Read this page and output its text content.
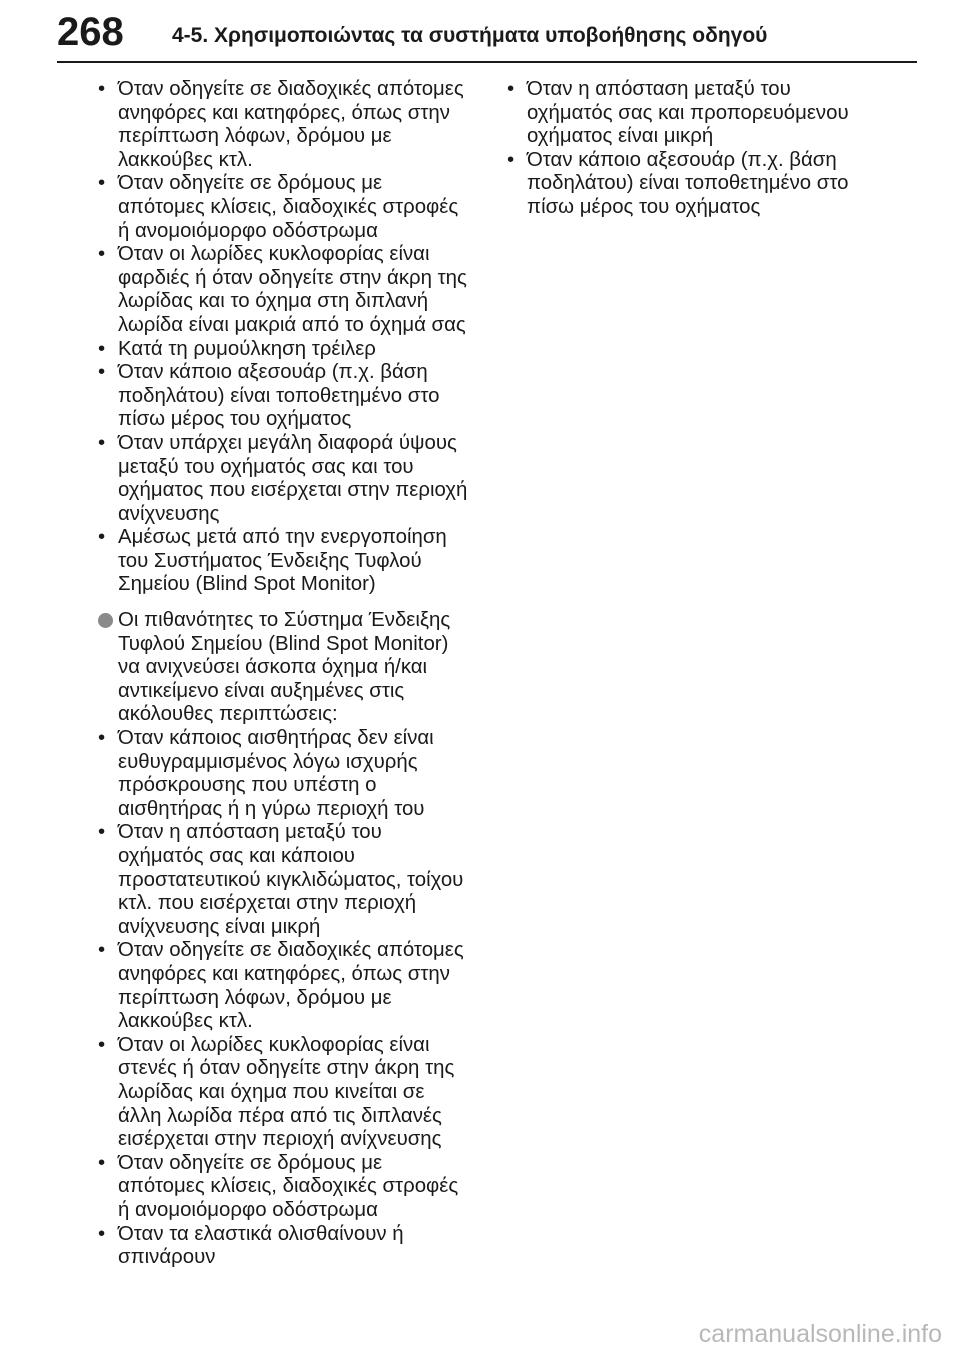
268 4-5. Χρησιμοποιώντας τα συστήματα υποβοήθησης οδηγού
• Όταν οδηγείτε σε διαδοχικές απότομες ανηφόρες και κατηφόρες, όπως στην περίπτωση λόφων, δρόμου με λακκούβες κτλ.
• Όταν οδηγείτε σε δρόμους με απότομες κλίσεις, διαδοχικές στροφές ή ανομοιόμορφο οδόστρωμα
• Όταν οι λωρίδες κυκλοφορίας είναι φαρδιές ή όταν οδηγείτε στην άκρη της λωρίδας και το όχημα στη διπλανή λωρίδα είναι μακριά από το όχημά σας
• Κατά τη ρυμούλκηση τρέιλερ
• Όταν κάποιο αξεσουάρ (π.χ. βάση ποδηλάτου) είναι τοποθετημένο στο πίσω μέρος του οχήματος
• Όταν υπάρχει μεγάλη διαφορά ύψους μεταξύ του οχήματός σας και του οχήματος που εισέρχεται στην περιοχή ανίχνευσης
• Αμέσως μετά από την ενεργοποίηση του Συστήματος Ένδειξης Τυφλού Σημείου (Blind Spot Monitor)
Οι πιθανότητες το Σύστημα Ένδειξης Τυφλού Σημείου (Blind Spot Monitor) να ανιχνεύσει άσκοπα όχημα ή/και αντικείμενο είναι αυξημένες στις ακόλουθες περιπτώσεις:
• Όταν κάποιος αισθητήρας δεν είναι ευθυγραμμισμένος λόγω ισχυρής πρόσκρουσης που υπέστη ο αισθητήρας ή η γύρω περιοχή του
• Όταν η απόσταση μεταξύ του οχήματός σας και κάποιου προστατευτικού κιγκλιδώματος, τοίχου κτλ. που εισέρχεται στην περιοχή ανίχνευσης είναι μικρή
• Όταν οδηγείτε σε διαδοχικές απότομες ανηφόρες και κατηφόρες, όπως στην περίπτωση λόφων, δρόμου με λακκούβες κτλ.
• Όταν οι λωρίδες κυκλοφορίας είναι στενές ή όταν οδηγείτε στην άκρη της λωρίδας και όχημα που κινείται σε άλλη λωρίδα πέρα από τις διπλανές εισέρχεται στην περιοχή ανίχνευσης
• Όταν οδηγείτε σε δρόμους με απότομες κλίσεις, διαδοχικές στροφές ή ανομοιόμορφο οδόστρωμα
• Όταν τα ελαστικά ολισθαίνουν ή σπινάρουν
• Όταν η απόσταση μεταξύ του οχήματός σας και προπορευόμενου οχήματος είναι μικρή
• Όταν κάποιο αξεσουάρ (π.χ. βάση ποδηλάτου) είναι τοποθετημένο στο πίσω μέρος του οχήματος
carmanualsonline.info
